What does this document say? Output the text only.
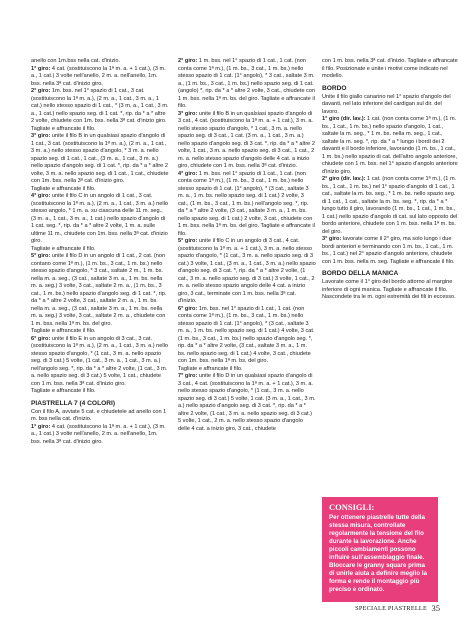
anello con 1m.bss nella cat. d'inizio.
1° giro: 4 cat. (sostituiscono la 1ª m. a. + 1 cat.), (3 m. a., 1 cat.) 3 volte nell'anello, 2 m. a. nell'anello, 1m. bss. nella 3ª cat. d'inizio giro.
2° giro: 1m. bss. nel 1° spazio di 1 cat., 3 cat. (sostituiscono la 1ª m. a.), (2 m. a., 1 cat., 3 m. a., 1 cat.) nello stesso spazio di 1 cat., * (3 m. a., 1 cat., 3 m. a., 1 cat.) nello spazio seg. di 1 cat. *, rip. da * a * altre 2 volte, chiudete con 1m. bss. nella 3ª cat. d'inizio giro.
Tagliate e affrancate il filo.
3° giro: unite il filo B in un qualsiasi spazio d'angolo di 1 cat., 3 cat. (sostituiscono la 1ª m. a.), (2 m. a., 1 cat., 3 m. a.) nello stesso spazio d'angolo, * 3 m. a. nello spazio seg. di 1 cat., 1 cat., (3 m. a., 1 cat., 3 m. a.) nello spazio d'angolo seg. di 1 cat. *, rip. da * a * altre 2 volte, 3 m. a. nello spazio seg. di 1 cat., 1 cat., chiudete con 1m. bss. nella 3ª cat. d'inizio giro.
Tagliate e affrancate il filo.
4° giro: unite il filo C in un angolo di 1 cat., 3 cat. (sostituiscono la 1ª m. a.), (2 m. a., 1 cat., 3 m. a.) nello stesso angolo, * 1 m. a. su ciascuna delle 11 m. seg., (3 m. a., 1 cat., 3 m. a., 1 cat.) nello spazio d'angolo di 1 cat. seg. *, rip. da * a * altre 2 volte, 1 m. a. sulle ultime 11 m., chiudete con 1m. bss. nella 3ª cat. d'inizio giro.
Tagliate e affrancate il filo.
5° giro: unite il filo D in un angolo di 1 cat., 2 cat. (non contano come 1ª m.), (1 m. bs., 3 cat., 1 m. bs.) nello stesso spazio d'angolo, * 3 cat., saltate 2 m., 1 m. bs. nella m. a. seg., (3 cat., saltate 3 m. a., 1 m. bs. nella m. a. seg.) 3 volte, 3 cat., saltate 2 m. a., (1 m. bs., 3 cat., 1 m. bs.) nello spazio d'angolo seg. di 1 cat. *, rip. da * a * altre 2 volte, 3 cat., saltate 2 m. a., 1 m. bs. nella m. a. seg., (3 cat., saltate 3 m. a., 1 m. bs. nella m. a. seg.) 3 volte, 3 cat., saltate 2 m. a., chiudete con 1 m. bss. nella 1ª m. bs. del giro.
Tagliate e affrancate il filo.
6° giro: unite il filo E in un angolo di 3 cat., 3 cat. (sostituiscono la 1ª m. a.), (2 m. a., 1 cat., 3 m. a.) nello stesso spazio d'angolo, * (1 cat., 3 m. a. nello spazio seg. di 3 cat.) 5 volte, (1 cat., 3 m. a., 1 cat., 3 m. a.) nell'angolo seg. *, rip. da * a * altre 2 volte, (1 cat., 3 m. a. nello spazio seg. di 3 cat.) 5 volte, 1 cat., chiudete con 1 m. bss. nella 3ª cat. d'inizio giro.
Tagliate e affrancate il filo.
PIASTRELLA 7 (4 COLORI)
Con il filo A, avviate 5 cat. e chiudetele ad anello con 1 m. bss nella cat. d'inizio.
1° giro: 4 cat. (sostituiscono la 1ª m. a. + 1 cat.), (3 m. a., 1 cat.) 3 volte nell'anello, 2 m. a. nell'anello, 1m. bss. nella 3ª cat. d'inizio giro.
2° giro: 1 m. bss. nel 1° spazio di 1 cat., 1 cat. (non conta come 1ª m.), (1 m. bs., 3 cat., 1 m. bs.) nello stesso spazio di 1 cat. (1° angolo), * 3 cat., saltate 3 m. a., (1 m. bs., 3 cat., 1 m. bs.) nello spazio seg. di 1 cat. (angolo) *, rip. da * a * altre 2 volte, 3 cat., chiudete con 1 m. bss. nella 1ª m. bs. del giro. Tagliate e affrancate il filo.
3° giro: unite il filo B in un qualsiasi spazio d'angolo di 3 cat., 4 cat. (sostituiscono la 1ª m. a. + 1 cat.), 3 m. a. nello stesso spazio d'angolo, * 1 cat., 3 m. a. nello spazio seg. di 3 cat., 1 cat. (3 m. a., 1 cat., 3 m. a.) nello spazio d'angolo seg. di 3 cat. *, rip. da * a * altre 2 volte, 1 cat., 3 m. a. nello spazio seg. di 3 cat., 1 cat., 2 m. a. nello stesso spazio d'angolo delle 4 cat. a inizio giro, chiudete con 1 m. bss. nella 3ª cat. d'inizio.
4° giro: 1 m. bss. nel 1° spazio di 1 cat., 1 cat. (non conta come 1ª m.), (1 m. bs., 3 cat., 1 m. bs.) nello stesso spazio di 1 cat. (1° angolo), * (3 cat., saltate 3 m. a., 1 m. bs. nello spazio seg. di 1 cat.) 2 volte, 3 cat., (1 m. bs., 3 cat., 1 m. bs.) nell'angolo seg. *, rip. da * a * altre 2 volte, (3 cat., saltate 3 m. a., 1 m. bs. nello spazio seg. di 1 cat.) 2 volte, 3 cat., chiudete con 1 m. bss. nella 1ª m. bs. del giro. Tagliate e affrancate il filo.
5° giro: unite il filo C in un angolo di 3 cat., 4 cat. (sostituiscono la 1ª m. a. + 1 cat.), 3 m. a. nello stesso spazio d'angolo, * (1 cat., 3 m. a. nello spazio seg. di 3 cat.) 3 volte, 1 cat., (3 m. a., 1 cat., 3 m. a.) nello spazio d'angolo seg. di 3 cat. *, rip. da * a * altre 2 volte, (1 cat., 3 m. a. nello spazio seg. di 3 cat.) 3 volte, 1 cat., 2 m. a. nello stesso spazio angolo delle 4 cat. a inizio giro, 3 cat., terminate con 1 m. bss. nella 3ª cat. d'inizio.
6° giro: 1m. bss. nel 1° spazio di 1 cat., 1 cat. (non conta come 1ª m.), (1 m. bs., 3 cat., 1 m. bs.) nello stesso spazio di 1 cat. (1° angolo), * (3 cat., saltate 3 m. a., 1 m. bs. nello spazio seg. di 1 cat.) 4 volte, 3 cat. (1 m. bs., 3 cat., 1 m. bs.) nello spazio d'angolo seg. *, rip. da * a * altre 2 volte, (3 cat., saltate 3 m. a., 1 m. bs. nello spazio seg. di 1 cat.) 4 volte, 3 cat., chiudete con 1m. bss. nella 1ª m. bs. del giro.
Tagliate e affrancate il filo.
7° giro: unite il filo D in un qualsiasi spazio d'angolo di 3 cat., 4 cat. (sostituiscono la 1ª m. a. + 1 cat.), 3 m. a. nello stesso spazio d'angolo, * (1 cat., 3 m. a. nello spazio seg. di 3 cat.) 5 volte, 1 cat. (3 m. a., 1 cat., 3 m. a.) nello spazio d'angolo seg. di 3 cat. *, rip. da * a * altre 2 volte, (1 cat., 3 m. a. nello spazio seg. di 3 cat.) 5 volte, 1 cat., 2 m. a. nello stesso spazio d'angolo delle 4 cat. a inizio giro, 3 cat., chiudete
con 1 m. bss. nella 3ª cat. d'inizio. Tagliate e affrancate il filo. Posizionate e unite i motivi come indicato nel modello.
BORDO
Unite il filo giallo canarino nel 1° spazio d'angolo del davanti, nel lato inferiore del cardigan sul dir. del lavoro.
1° giro (dir. lav.): 1 cat. (non conta come 1ª m.), (1 m. bs., 1 cat., 1 m. bs.) nello spazio d'angolo, 1 cat., saltate la m. seg., * 1 m. bs. nella m. seg., 1 cat., saltate la m. seg. *, rip. da * a * lungo i bordi dei 2 davanti e il bordo inferiore, lavorando (1 m. bs., 1 cat., 1 m. bs.) nello spazio di cat. dell'altro angolo anteriore, chiudete con 1 m. bss. nel 1° spazio d'angolo anteriore d'inizio giro.
2° giro (dir. lav.): 1 cat. (non conta come 1ª m.), (1 m. bs., 1 cat., 1 m. bs.) nel 1° spazio d'angolo di 1 cat., 1 cat., saltate la m. bs. seg., * 1 m. bs. nello spazio seg. di 1 cat., 1 cat., saltate la m. bs. seg. *, rip. da * a * lungo tutto il giro, lavorando (1 m. bs., 1 cat., 1 m. bs., 1 cat.) nello spazio d'angolo di cat. sul lato opposto del bordo anteriore, chiudete con 1 m. bss. nella 1ª m. bs. del giro.
3° giro: lavorate come il 2° giro, ma solo lungo i due bordi anteriori e terminando con 1 m. bs., 1 cat., 1 m. bs., 1 cat.) nel 2° spazio d'angolo anteriore, chiudete con 1 m. bss. nella m. seg. Tagliate e affrancate il filo.
BORDO DELLA MANICA
Lavorate come il 1° giro del bordo attorno al margine inferiore di ogni manica. Tagliate e affrancate il filo. Nascondete tra le m. ogni estremità dei fili in eccesso.
CONSIGLI:
Per ottenere piastrelle tutte della stessa misura, controllate regolarmente la tensione del filo durante la lavorazione. Anche piccoli cambiamenti possono influire sull'assemblaggio finale. Bloccare le granny square prima di unirle aiuta a definire meglio la forma e rende il montaggio più preciso e ordinato.
SPECIALE PIASTRELLE 35
